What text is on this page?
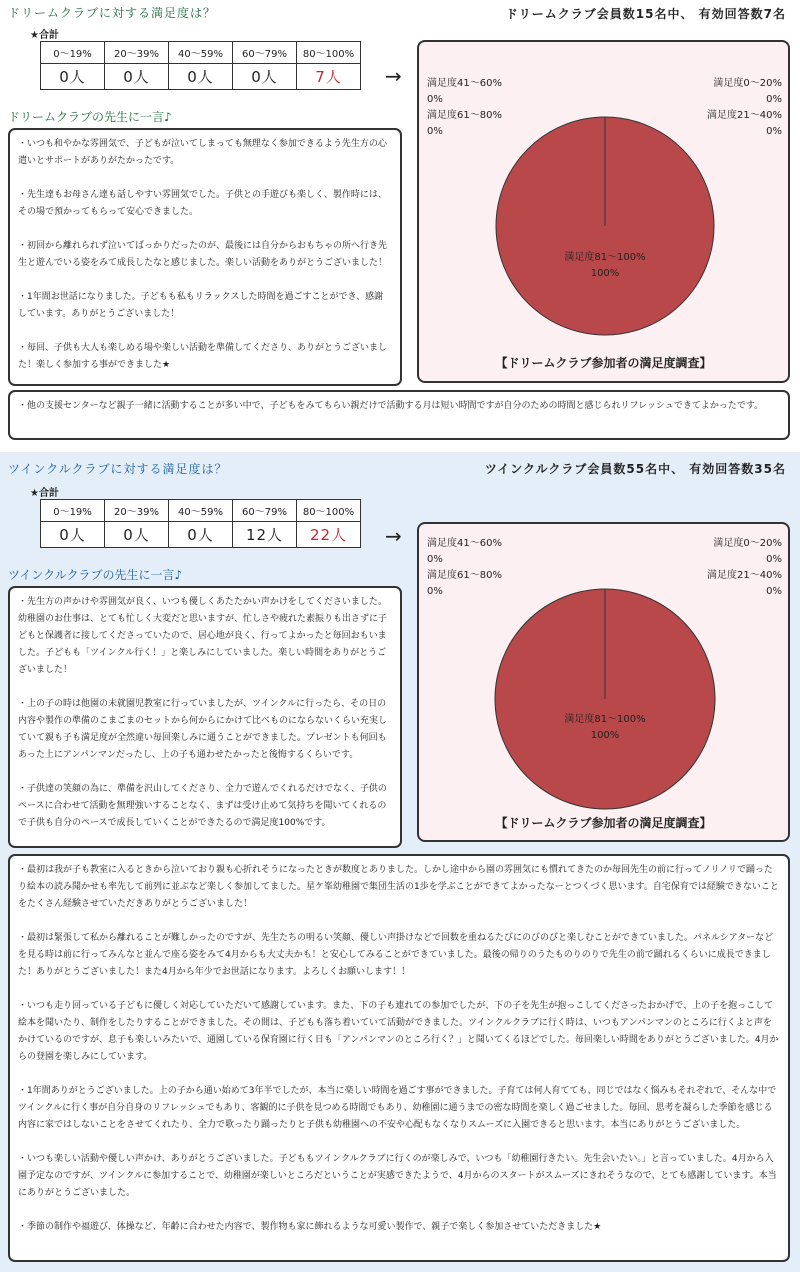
ドリームクラブに対する満足度は？	ドリームクラブ会員数15名中、 有効回答数7名
★合計
0～19%	20～39%	40～59%	60～79%	80～100%
0人	0人	0人	0人	7人 →
ドリームクラブの先生に一言♪
満足度41～60%
0%
満足度61～80%
0%
満足度0～20%
0%
満足度21～40%
0%
満足度81～100%
100%
【ドリームクラブ参加者の満足度調査】

・いつも和やかな雰囲気で、子どもが泣いてしまっても無理なく参加できるよう先生方の心遣いとサポートがありがたかったです。

・先生達もお母さん達も話しやすい雰囲気でした。子供との手遊びも楽しく、製作時には、その場で預かってもらって安心できました。

・初回から離れられず泣いてばっかりだったのが、最後には自分からおもちゃの所へ行き先生と遊んでいる姿をみて成長したなと感じました。楽しい活動をありがとうございました！

・1年間お世話になりました。子どもも私もリラックスした時間を過ごすことができ、感謝しています。ありがとうございました！

・毎回、子供も大人も楽しめる場や楽しい活動を準備してくださり、ありがとうございました！楽しく参加する事ができました★

・他の支援センターなど親子一緒に活動することが多い中で、子どもをみてもらい親だけで活動する月は短い時間ですが自分のための時間と感じられリフレッシュできてよかったです。

ツインクルクラブに対する満足度は？	ツインクルクラブ会員数55名中、 有効回答数35名
★合計
0～19%	20～39%	40～59%	60～79%	80～100%
0人	0人	0人	12人	22人 →
ツインクルクラブの先生に一言♪
満足度41～60%
0%
満足度61～80%
0%
満足度0～20%
0%
満足度21～40%
0%
満足度81～100%
100%
【ドリームクラブ参加者の満足度調査】

・先生方の声かけや雰囲気が良く、いつも優しくあたたかい声かけをしてくださいました。幼稚園のお仕事は、とても忙しく大変だと思いますが、忙しさや疲れた素振りも出さずに子どもと保護者に接してくださっていたので、居心地が良く、行ってよかったと毎回おもいました。子どもも「ツインクル行く！」と楽しみにしていました。楽しい時間をありがとうございました！

・上の子の時は他園の未就園児教室に行っていましたが、ツインクルに行ったら、その日の内容や製作の準備のこまごまのセットから何からにかけて比べものにならないくらい充実していて親も子も満足度が全然違い毎回楽しみに通うことができました。プレゼントも何回もあった上にアンパンマンだったし、上の子も通わせたかったと後悔するくらいです。

・子供達の笑顔の為に、準備を沢山してくださり、全力で遊んでくれるだけでなく、子供のペースに合わせて活動を無理強いすることなく、まずは受け止めて気持ちを聞いてくれるので子供も自分のペースで成長していくことができたるので満足度100%です。

・最初は我が子も教室に入るときから泣いており親も心折れそうになったときが数度とありました。しかし途中から園の雰囲気にも慣れてきたのか毎回先生の前に行ってノリノリで踊ったり絵本の読み聞かせも率先して前列に並ぶなど楽しく参加してました。星ケ峯幼稚園で集団生活の1歩を学ぶことができてよかったなーとつくづく思います。自宅保育では経験できないことをたくさん経験させていただきありがとうございました！

・最初は緊張して私から離れることが難しかったのですが、先生たちの明るい笑顔、優しい声掛けなどで回数を重ねるたびにのびのびと楽しむことができていました。パネルシアターなどを見る時は前に行ってみんなと並んで座る姿をみて4月からも大丈夫かも！と安心してみることができていました。最後の帰りのうたものりのりで先生の前で踊れるくらいに成長できました！ありがとうございました！また4月から年少でお世話になります。よろしくお願いします！！

・いつも走り回っている子どもに優しく対応していただいて感謝しています。また、下の子も連れての参加でしたが、下の子を先生が抱っこしてくださったおかげで、上の子を抱っこして絵本を聞いたり、制作をしたりすることができました。その間は、子どもも落ち着いていて活動ができました。ツインクルクラブに行く時は、いつもアンパンマンのところに行くよと声をかけているのですが、息子も楽しいみたいで、通園している保育園に行く日も「アンパンマンのところ行く？」と聞いてくるほどでした。毎回楽しい時間をありがとうございました。4月からの登園を楽しみにしています。

・1年間ありがとうございました。上の子から通い始めて3年半でしたが、本当に楽しい時間を過ごす事ができました。子育ては何人育てても、同じではなく悩みもそれぞれで、そんな中でツインクルに行く事が自分自身のリフレッシュでもあり、客観的に子供を見つめる時間でもあり、幼稚園に通うまでの密な時間を楽しく過ごせました。毎回、思考を凝らした季節を感じる内容に家ではしないことをさせてくれたり、全力で歌ったり踊ったりと子供も幼稚園への不安や心配もなくなりスムーズに入園できると思います。本当にありがとうございました。

・いつも楽しい活動や優しい声かけ、ありがとうございました。子どももツインクルクラブに行くのが楽しみで、いつも「幼稚園行きたい。先生会いたい。」と言っていました。4月から入園予定なのですが、ツインクルに参加することで、幼稚園が楽しいところだということが実感できたようで、4月からのスタートがスムーズにきれそうなので、とても感謝しています。本当にありがとうございました。

・季節の制作や福遊び、体操など、年齢に合わせた内容で、製作物も家に飾れるような可愛い製作で、親子で楽しく参加させていただきました★
